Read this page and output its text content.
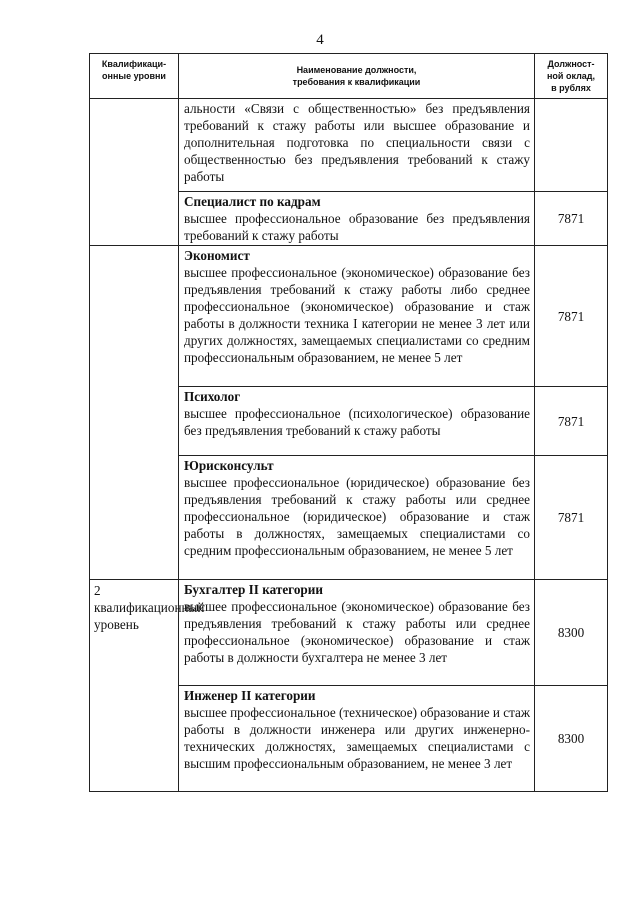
4
Квалификаци-
онные уровни	Наименование должности,
требования к квалификации	Должност-
ной оклад,
в рублях
	альности «Связи с общественностью» без предъявления требований к стажу работы или высшее образование и дополнительная подготовка по специальности связи с общественностью без предъявления требований к стажу работы	

	Специалист по кадрам
высшее профессиональное образование без предъявления требований к стажу работы	7871

	Экономист
высшее профессиональное (экономическое) образование без предъявления требований к стажу работы либо среднее профессиональное (экономическое) образование и стаж работы в должности техника I категории не менее 3 лет или других должностях, замещаемых специалистами со средним профессиональным образованием, не менее 5 лет	7871

	Психолог
высшее профессиональное (психологическое) образование без предъявления требований к стажу работы	7871

	Юрисконсульт
высшее профессиональное (юридическое) образование без предъявления требований к стажу работы или среднее профессиональное (юридическое) образование и стаж работы в должностях, замещаемых специалистами со средним профессиональным образованием, не менее 5 лет	7871
2 квалификационный уровень	Бухгалтер II категории
высшее профессиональное (экономическое) образование без предъявления требований к стажу работы или среднее профессиональное (экономическое) образование и стаж работы в должности бухгалтера не менее 3 лет	8300

	Инженер II категории
высшее профессиональное (техническое) образование и стаж работы в должности инженера или других инженерно-технических должностях, замещаемых специалистами с высшим профессиональным образованием, не менее 3 лет	8300
